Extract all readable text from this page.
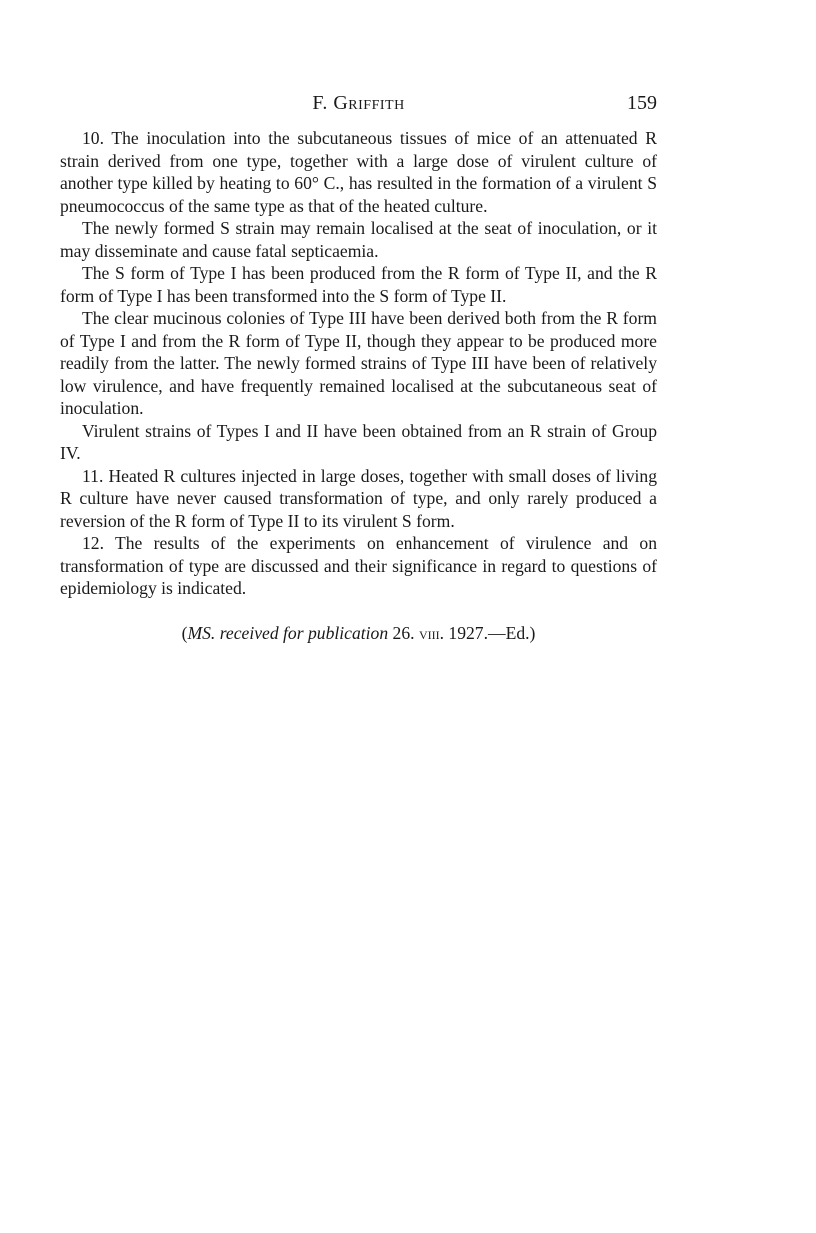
F. Griffith	159

10. The inoculation into the subcutaneous tissues of mice of an attenuated R strain derived from one type, together with a large dose of virulent culture of another type killed by heating to 60° C., has resulted in the formation of a virulent S pneumococcus of the same type as that of the heated culture.

The newly formed S strain may remain localised at the seat of inoculation, or it may disseminate and cause fatal septicaemia.

The S form of Type I has been produced from the R form of Type II, and the R form of Type I has been transformed into the S form of Type II.

The clear mucinous colonies of Type III have been derived both from the R form of Type I and from the R form of Type II, though they appear to be produced more readily from the latter. The newly formed strains of Type III have been of relatively low virulence, and have frequently remained localised at the subcutaneous seat of inoculation.

Virulent strains of Types I and II have been obtained from an R strain of Group IV.

11. Heated R cultures injected in large doses, together with small doses of living R culture have never caused transformation of type, and only rarely produced a reversion of the R form of Type II to its virulent S form.

12. The results of the experiments on enhancement of virulence and on transformation of type are discussed and their significance in regard to questions of epidemiology is indicated.

(MS. received for publication 26. viii. 1927.—Ed.)
